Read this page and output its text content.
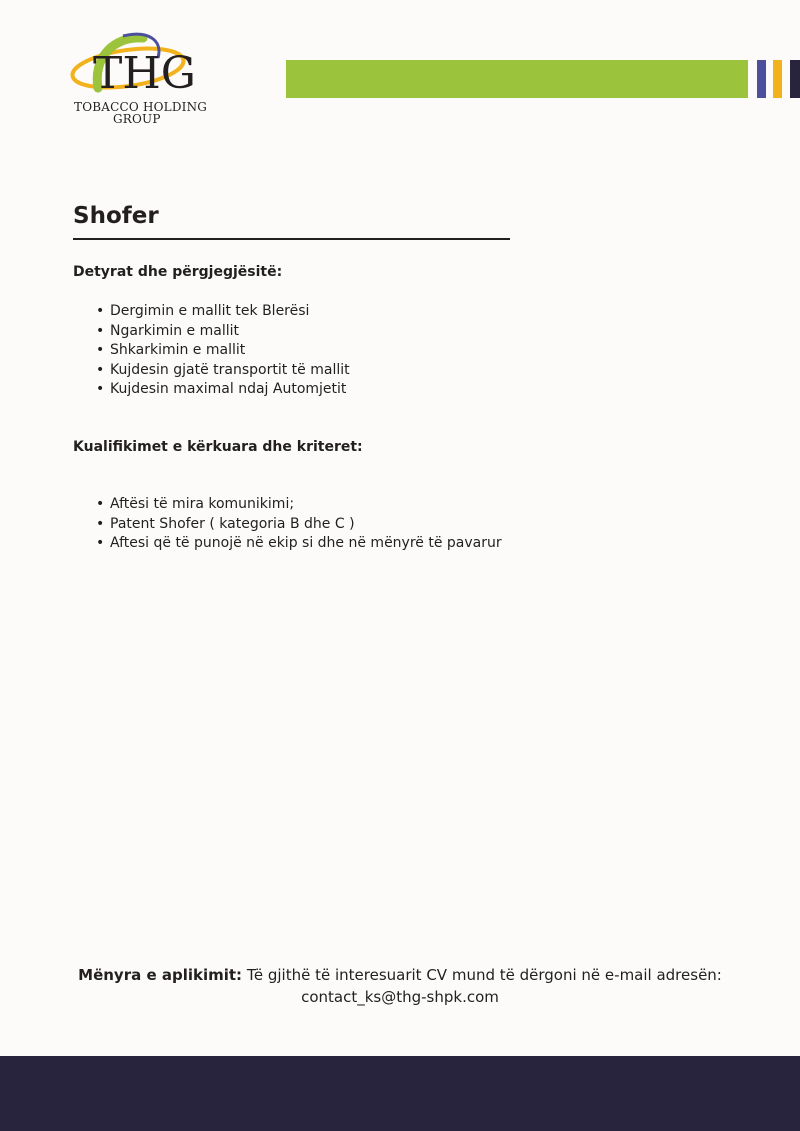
THG
TOBACCO HOLDING
GROUP
Shofer
Detyrat dhe përgjegjësitë:
• Dergimin e mallit tek Blerësi
• Ngarkimin e mallit
• Shkarkimin e mallit
• Kujdesin gjatë transportit të mallit
• Kujdesin maximal ndaj Automjetit
Kualifikimet e kërkuara dhe kriteret:
• Aftësi të mira komunikimi;
• Patent Shofer ( kategoria B dhe C )
• Aftesi që të punojë në ekip si dhe në mënyrë të pavarur
Mënyra e aplikimit: Të gjithë të interesuarit CV mund të dërgoni në e-mail adresën:
contact_ks@thg-shpk.com
